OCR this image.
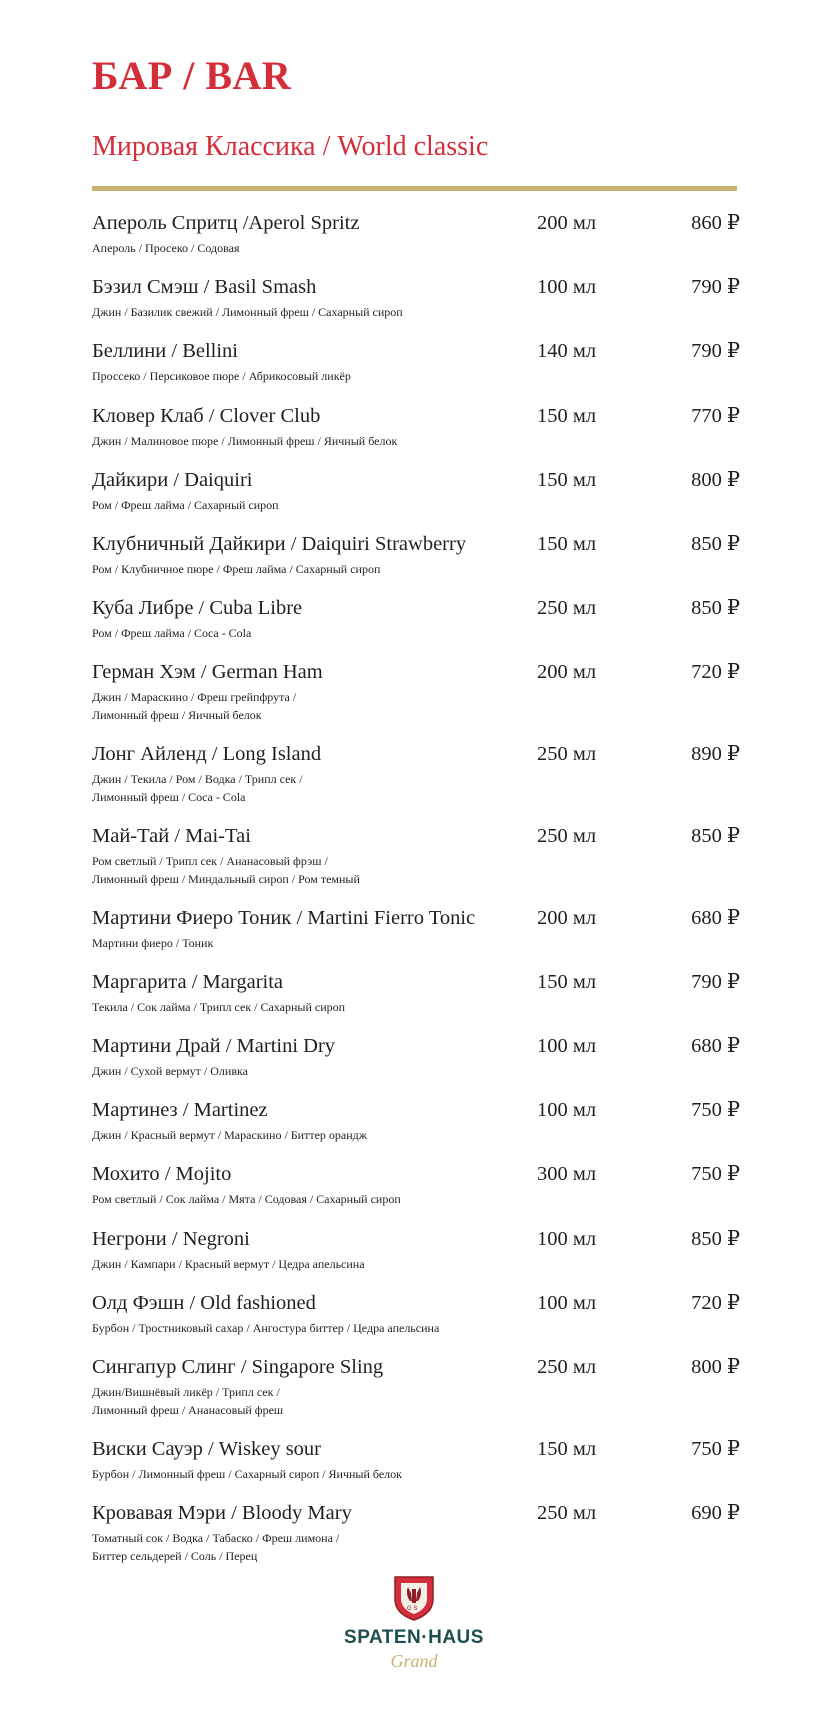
БАР / BAR
Мировая Классика / World classic
Апероль Спритц /Aperol Spritz	200 мл	860 ₽
Апероль / Просеко / Содовая
Бэзил Смэш / Basil Smash	100 мл	790 ₽
Джин / Базилик свежий / Лимонный фреш / Сахарный сироп
Беллини / Bellini	140 мл	790 ₽
Проссеко / Персиковое пюре / Абрикосовый ликёр
Кловер Клаб / Clover Club	150 мл	770 ₽
Джин / Малиновое пюре / Лимонный фреш / Яичный белок
Дайкири / Daiquiri	150 мл	800 ₽
Ром / Фреш лайма / Сахарный сироп
Клубничный Дайкири / Daiquiri Strawberry	150 мл	850 ₽
Ром / Клубничное пюре / Фреш лайма / Сахарный сироп
Куба Либре / Cuba Libre	250 мл	850 ₽
Ром / Фреш лайма / Coca - Cola
Герман Хэм / German Ham	200 мл	720 ₽
Джин / Мараскино / Фреш грейпфрута /
Лимонный фреш / Яичный белок
Лонг Айленд / Long Island	250 мл	890 ₽
Джин / Текила / Ром / Водка / Трипл сек /
Лимонный фреш / Coca - Cola
Май-Тай / Mai-Tai	250 мл	850 ₽
Ром светлый / Трипл сек / Ананасовый фрэш /
Лимонный фреш / Миндальный сироп / Ром темный
Мартини Фиеро Тоник / Martini Fierro Tonic	200 мл	680 ₽
Мартини фиеро / Тоник
Маргарита / Margarita	150 мл	790 ₽
Текила / Сок лайма / Трипл сек / Сахарный сироп
Мартини Драй / Martini Dry	100 мл	680 ₽
Джин / Сухой вермут / Оливка
Мартинез / Martinez	100 мл	750 ₽
Джин / Красный вермут / Мараскино / Биттер орандж
Мохито / Mojito	300 мл	750 ₽
Ром светлый / Сок лайма / Мята / Содовая / Сахарный сироп
Негрони / Negroni	100 мл	850 ₽
Джин / Кампари / Красный вермут / Цедра апельсина
Олд Фэшн / Old fashioned	100 мл	720 ₽
Бурбон / Тростниковый сахар / Ангостура биттер / Цедра апельсина
Сингапур Слинг / Singapore Sling	250 мл	800 ₽
Джин/Вишнёвый ликёр / Трипл сек /
Лимонный фреш / Ананасовый фреш
Виски Сауэр / Wiskey sour	150 мл	750 ₽
Бурбон / Лимонный фреш / Сахарный сироп / Яичный белок
Кровавая Мэри / Bloody Mary	250 мл	690 ₽
Томатный сок / Водка / Табаско / Фреш лимона /
Биттер сельдерей / Соль / Перец
G S
SPATEN·HAUS
Grand
